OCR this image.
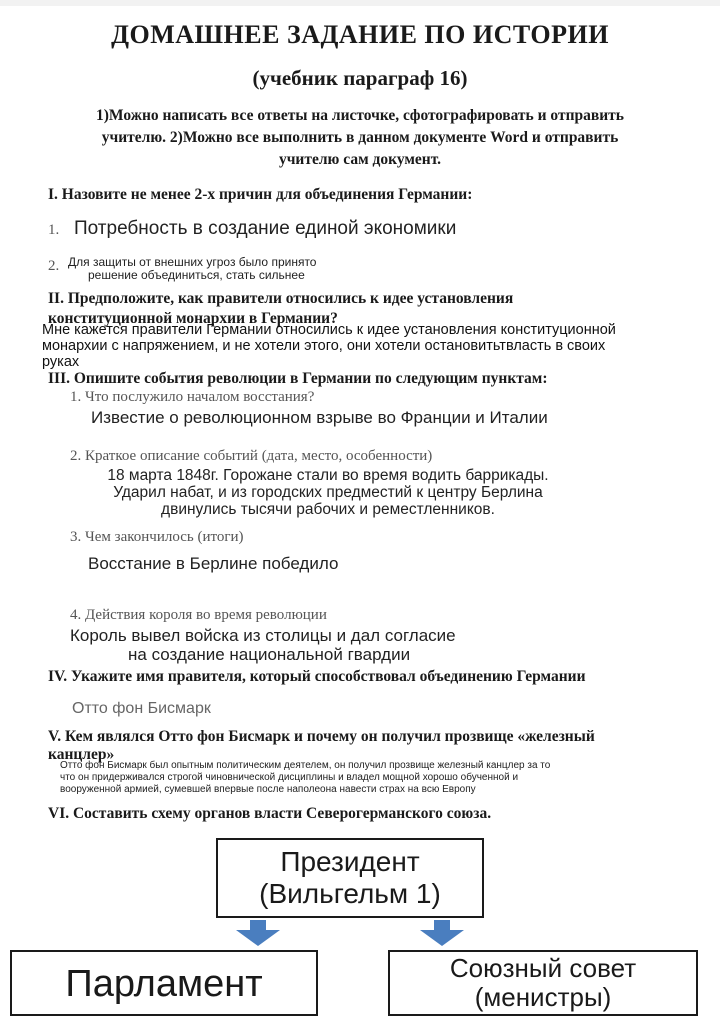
ДОМАШНЕЕ ЗАДАНИЕ ПО ИСТОРИИ
(учебник параграф 16)
1)Можно написать все ответы на листочке, сфотографировать и отправить
учителю. 2)Можно все выполнить в данном документе Word и отправить
учителю сам документ.
I. Назовите не менее 2-х причин для объединения Германии:
1. Потребность в создание единой экономики
2. Для защиты от внешних угроз было принято
решение объединиться, стать сильнее
II. Предположите, как правители относились к идее установления
конституционной монархии в Германии?
Мне кажется правители Германии относились к идее установления конституционной
монархии с напряжением, и не хотели этого, они хотели остановитьтвласть в своих
руках
III. Опишите события революции в Германии по следующим пунктам:
1. Что послужило началом восстания?
Известие о революционном взрыве во Франции и Италии
2. Краткое описание событий (дата, место, особенности)
18 марта 1848г. Горожане стали во время водить баррикады.
Ударил набат, и из городских предместий к центру Берлина
двинулись тысячи рабочих и реместленников.
3. Чем закончилось (итоги)
Восстание в Берлине победило
4. Действия короля во время революции
Король вывел войска из столицы и дал согласие
на создание национальной гвардии
IV. Укажите имя правителя, который способствовал объединению Германии
Отто фон Бисмарк
V. Кем являлся Отто фон Бисмарк и почему он получил прозвище «железный
канцлер»
Отто фон Бисмарк был опытным политическим деятелем, он получил прозвище железный канцлер за то
что он придерживался строгой чиновнической дисциплины и владел мощной хорошо обученной и
вооруженной армией, сумевшей впервые после наполеона навести страх на всю Европу
VI. Составить схему органов власти Северогерманского союза.
Президент
(Вильгельм 1)
Парламент	Союзный совет
(менистры)
